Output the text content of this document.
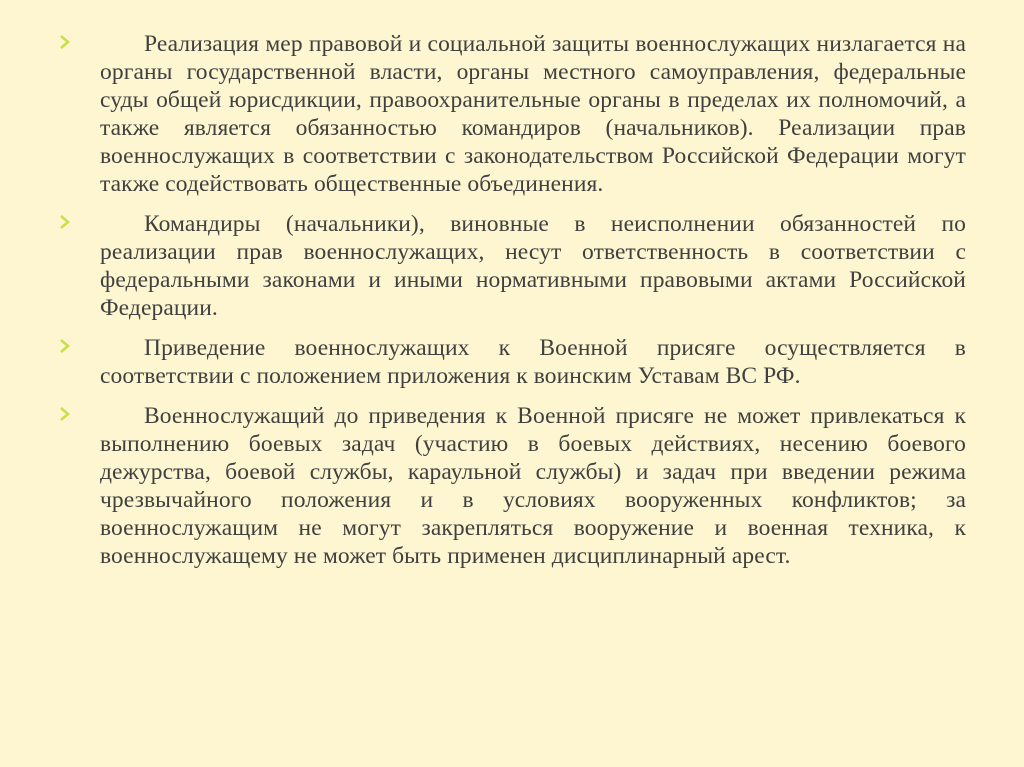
Реализация мер правовой и социальной защиты военнослужащих низлагается на органы государственной власти, органы местного самоуправления, федеральные суды общей юрисдикции, правоохранительные органы в пределах их полномочий, а также является обязанностью командиров (начальников). Реализации прав военнослужащих в соответствии с законодательством Российской Федерации могут также содействовать общественные объединения.

Командиры (начальники), виновные в неисполнении обязанностей по реализации прав военнослужащих, несут ответственность в соответствии с федеральными законами и иными нормативными правовыми актами Российской Федерации.

Приведение военнослужащих к Военной присяге осуществляется в соответствии с положением приложения к воинским Уставам ВС РФ.

Военнослужащий до приведения к Военной присяге не может привлекаться к выполнению боевых задач (участию в боевых действиях, несению боевого дежурства, боевой службы, караульной службы) и задач при введении режима чрезвычайного положения и в условиях вооруженных конфликтов; за военнослужащим не могут закрепляться вооружение и военная техника, к военнослужащему не может быть применен дисциплинарный арест.
